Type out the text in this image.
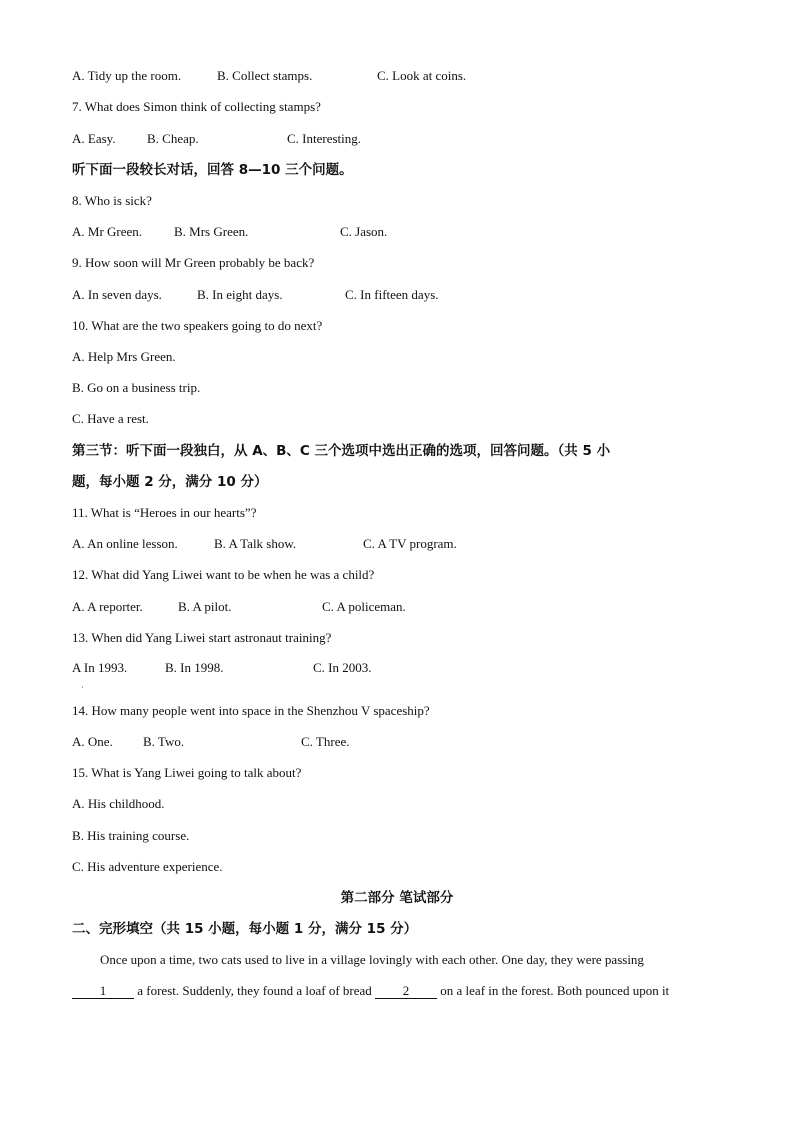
A. Tidy up the room.	B. Collect stamps.	C. Look at coins.
7. What does Simon think of collecting stamps?
A. Easy. B. Cheap.	C. Interesting.
听下面一段较长对话，回答 8—10 三个问题。
8. Who is sick?
A. Mr Green. B. Mrs Green.	C. Jason.
9. How soon will Mr Green probably be back?
A. In seven days.	B. In eight days.	C. In fifteen days.
10. What are the two speakers going to do next?
A. Help Mrs Green.
B. Go on a business trip.
C. Have a rest.
第三节：听下面一段独白，从 A、B、C 三个选项中选出正确的选项，回答问题。（共 5 小
题，每小题 2 分，满分 10 分）
11. What is “Heroes in our hearts”?
A. An online lesson.	B. A Talk show.	C. A TV program.
12. What did Yang Liwei want to be when he was a child?
A. A reporter.	B. A pilot.	C. A policeman.
13. When did Yang Liwei start astronaut training?
A In 1993.	B. In 1998.	C. In 2003.
·
14. How many people went into space in the Shenzhou V spaceship?
A. One. B. Two.	C. Three.
15. What is Yang Liwei going to talk about?
A. His childhood.
B. His training course.
C. His adventure experience.
第二部分 笔试部分
二、完形填空（共 15 小题，每小题 1 分，满分 15 分）
Once upon a time, two cats used to live in a village lovingly with each other. One day, they were passing
1 a forest. Suddenly, they found a loaf of bread 2 on a leaf in the forest. Both pounced upon it
